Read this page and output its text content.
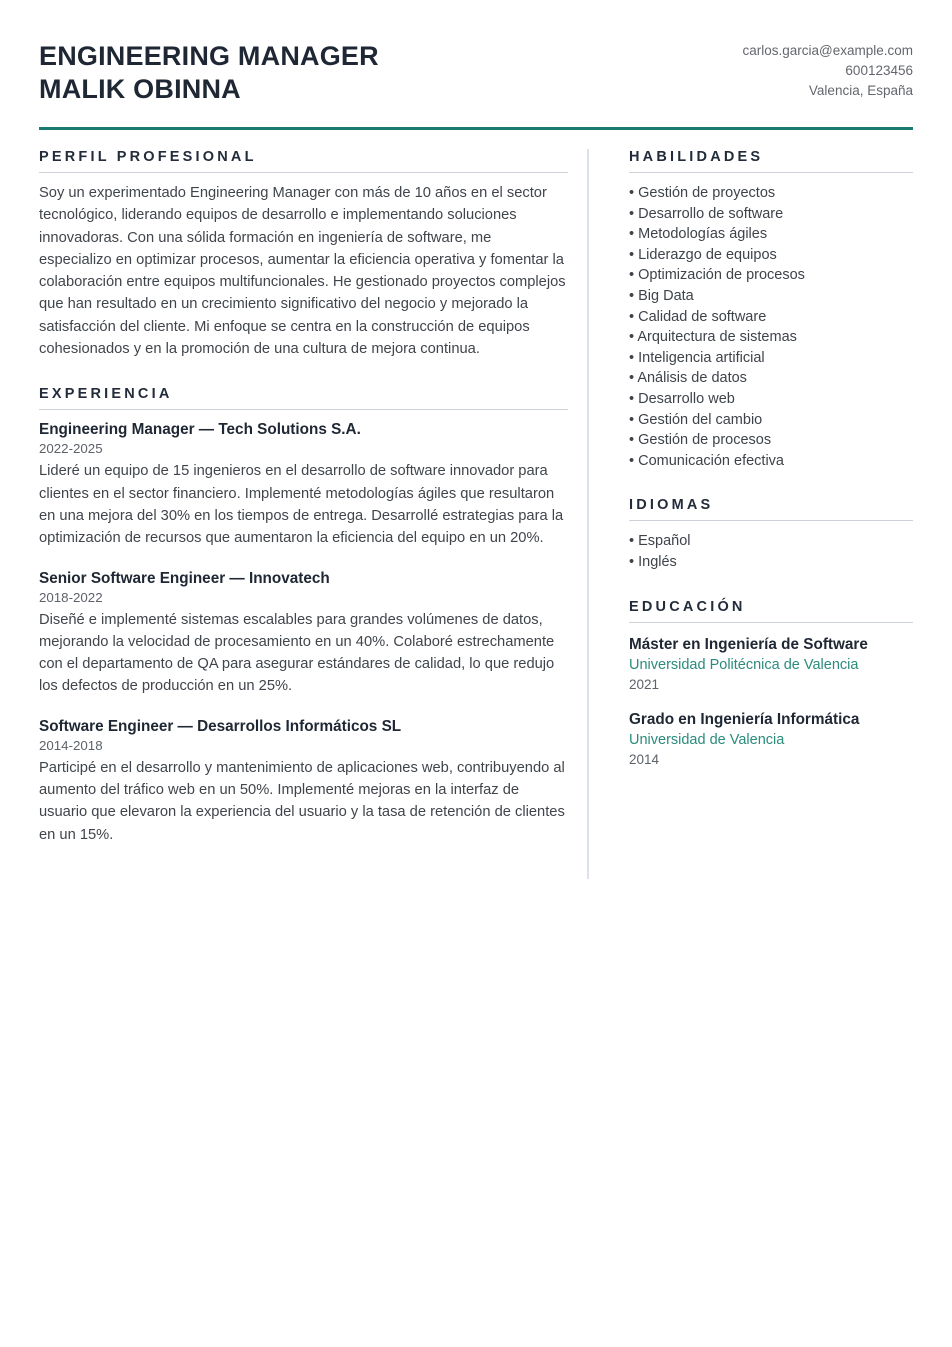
ENGINEERING MANAGER
MALIK OBINNA
carlos.garcia@example.com
600123456
Valencia, España
PERFIL PROFESIONAL

Soy un experimentado Engineering Manager con más de 10 años en el sector tecnológico, liderando equipos de desarrollo e implementando soluciones innovadoras. Con una sólida formación en ingeniería de software, me especializo en optimizar procesos, aumentar la eficiencia operativa y fomentar la colaboración entre equipos multifuncionales. He gestionado proyectos complejos que han resultado en un crecimiento significativo del negocio y mejorado la satisfacción del cliente. Mi enfoque se centra en la construcción de equipos cohesionados y en la promoción de una cultura de mejora continua.

EXPERIENCIA
Engineering Manager — Tech Solutions S.A.
2022-2025

Lideré un equipo de 15 ingenieros en el desarrollo de software innovador para clientes en el sector financiero. Implementé metodologías ágiles que resultaron en una mejora del 30% en los tiempos de entrega. Desarrollé estrategias para la optimización de recursos que aumentaron la eficiencia del equipo en un 20%.

Senior Software Engineer — Innovatech
2018-2022

Diseñé e implementé sistemas escalables para grandes volúmenes de datos, mejorando la velocidad de procesamiento en un 40%. Colaboré estrechamente con el departamento de QA para asegurar estándares de calidad, lo que redujo los defectos de producción en un 25%.

Software Engineer — Desarrollos Informáticos SL
2014-2018

Participé en el desarrollo y mantenimiento de aplicaciones web, contribuyendo al aumento del tráfico web en un 50%. Implementé mejoras en la interfaz de usuario que elevaron la experiencia del usuario y la tasa de retención de clientes en un 15%.

HABILIDADES
• Gestión de proyectos
• Desarrollo de software
• Metodologías ágiles
• Liderazgo de equipos
• Optimización de procesos
• Big Data
• Calidad de software
• Arquitectura de sistemas
• Inteligencia artificial
• Análisis de datos
• Desarrollo web
• Gestión del cambio
• Gestión de procesos
• Comunicación efectiva
IDIOMAS
• Español
• Inglés
EDUCACIÓN
Máster en Ingeniería de Software
Universidad Politécnica de Valencia
2021
Grado en Ingeniería Informática
Universidad de Valencia
2014
